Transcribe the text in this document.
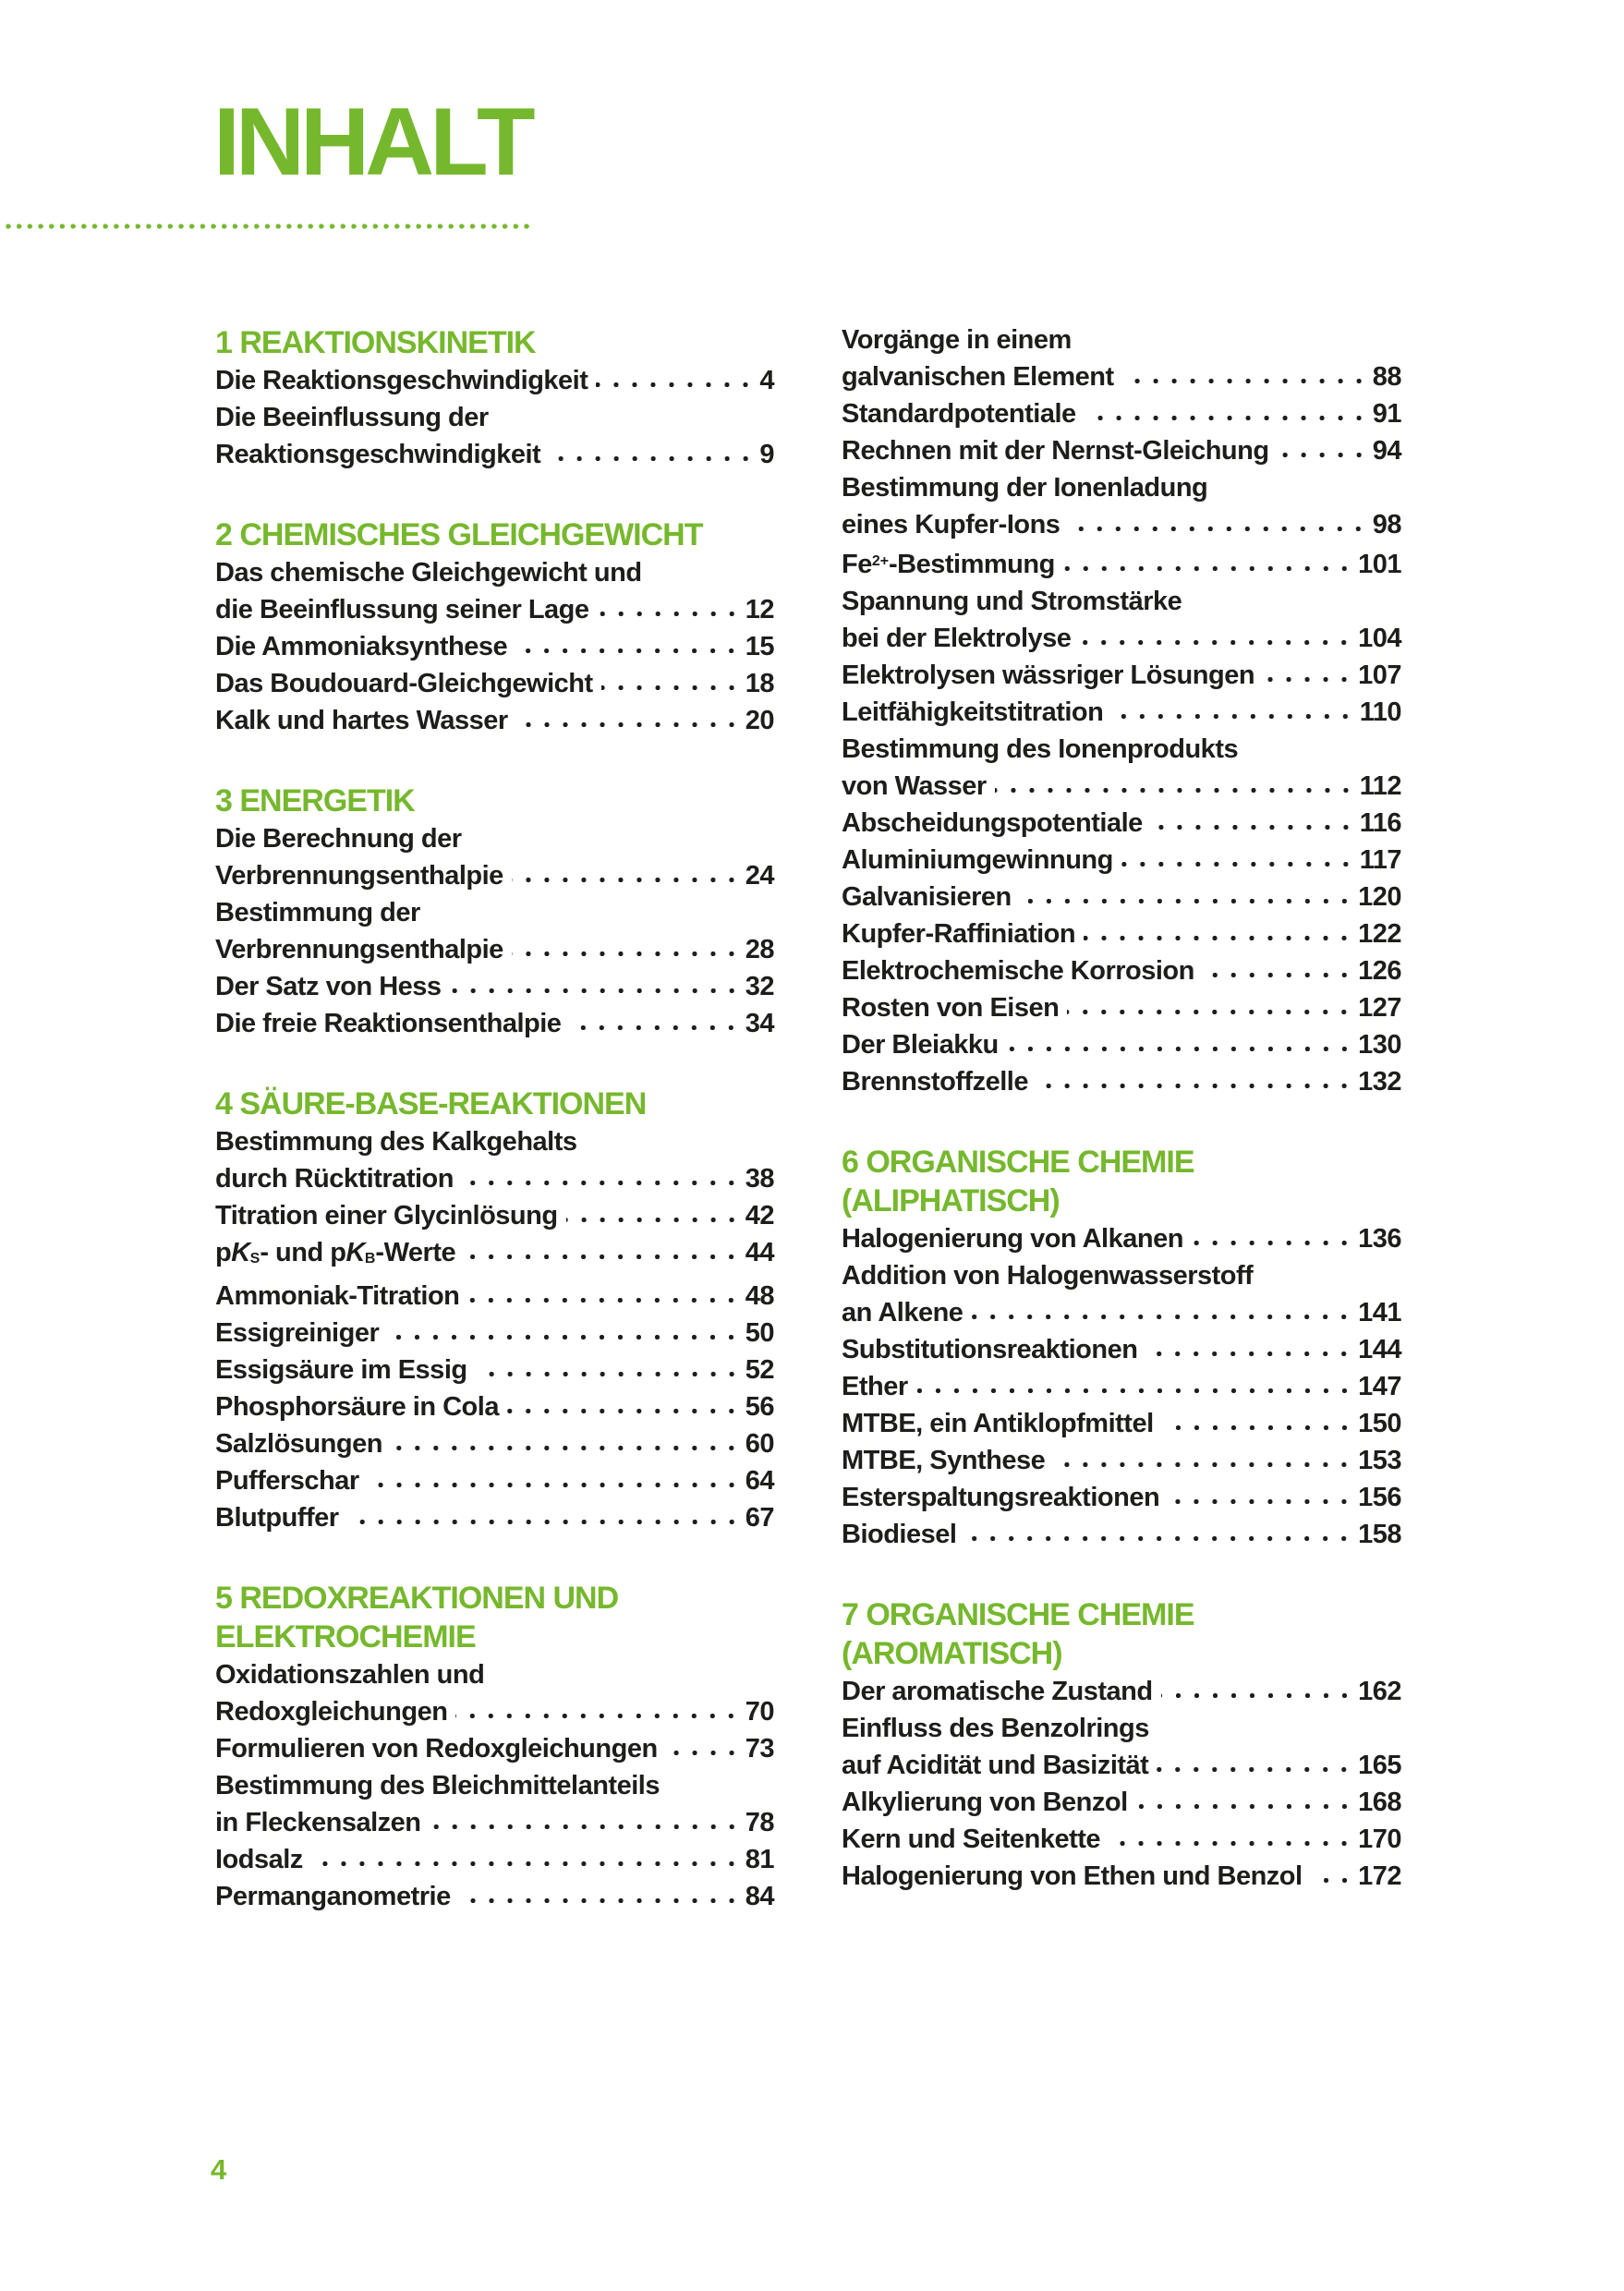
INHALT
1 REAKTIONSKINETIK
Die Reaktionsgeschwindigkeit	4
Die Beeinflussung der
Reaktionsgeschwindigkeit	9
2 CHEMISCHES GLEICHGEWICHT
Das chemische Gleichgewicht und
die Beeinflussung seiner Lage	12
Die Ammoniaksynthese	15
Das Boudouard-Gleichgewicht	18
Kalk und hartes Wasser	20
3 ENERGETIK
Die Berechnung der
Verbrennungsenthalpie	24
Bestimmung der
Verbrennungsenthalpie	28
Der Satz von Hess	32
Die freie Reaktionsenthalpie	34
4 SÄURE-BASE-REAKTIONEN
Bestimmung des Kalkgehalts
durch Rücktitration	38
Titration einer Glycinlösung	42
$pK_S-$ und $pK_B$-Werte	44
Ammoniak-Titration	48
Essigreiniger	50
Essigsäure im Essig	52
Phosphorsäure in Cola	56
Salzlösungen	60
Pufferschar	64
Blutpuffer	67
5 REDOXREAKTIONEN UND
ELEKTROCHEMIE
Oxidationszahlen und
Redoxgleichungen	70
Formulieren von Redoxgleichungen	73
Bestimmung des Bleichmittelanteils
in Fleckensalzen	78
Iodsalz	81
Permanganometrie	84
Vorgänge in einem
galvanischen Element	88
Standardpotentiale	91
Rechnen mit der Nernst-Gleichung	94
Bestimmung der Ionenladung
eines Kupfer-Ions	98
$Fe^{2+}$-Bestimmung	101
Spannung und Stromstärke
bei der Elektrolyse	104
Elektrolysen wässriger Lösungen	107
Leitfähigkeitstitration	110
Bestimmung des Ionenprodukts
von Wasser	112
Abscheidungspotentiale	116
Aluminiumgewinnung	117
Galvanisieren	120
Kupfer-Raffiniation	122
Elektrochemische Korrosion	126
Rosten von Eisen	127
Der Bleiakku	130
Brennstoffzelle	132
6 ORGANISCHE CHEMIE
(ALIPHATISCH)
Halogenierung von Alkanen	136
Addition von Halogenwasserstoff
an Alkene	141
Substitutionsreaktionen	144
Ether	147
MTBE, ein Antiklopfmittel	150
MTBE, Synthese	153
Esterspaltungsreaktionen	156
Biodiesel	158
7 ORGANISCHE CHEMIE
(AROMATISCH)
Der aromatische Zustand	162
Einfluss des Benzolrings
auf Acidität und Basizität	165
Alkylierung von Benzol	168
Kern und Seitenkette	170
Halogenierung von Ethen und Benzol 172
4
